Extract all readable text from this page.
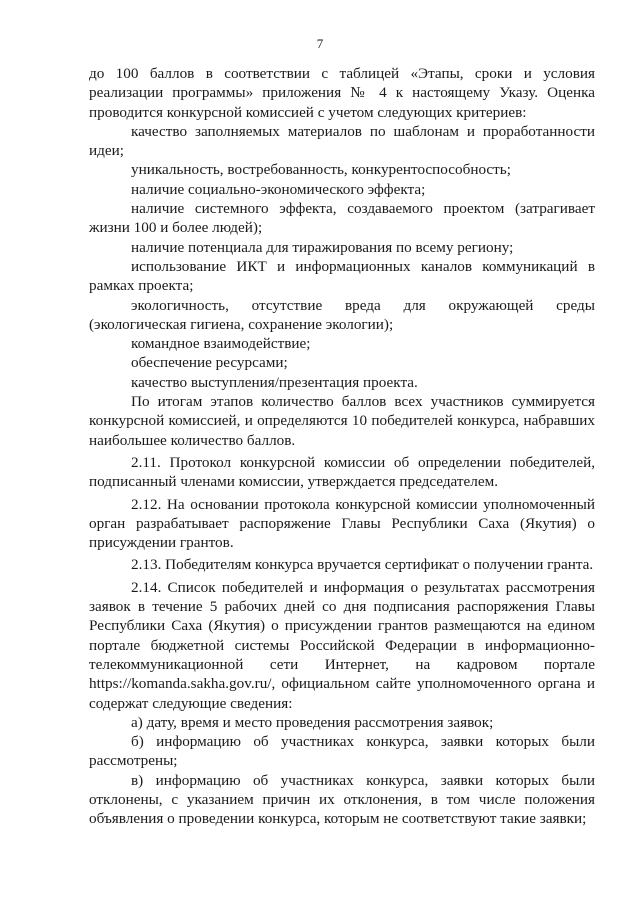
7

до 100 баллов в соответствии с таблицей «Этапы, сроки и условия реализации программы» приложения № 4 к настоящему Указу. Оценка проводится конкурсной комиссией с учетом следующих критериев:

качество заполняемых материалов по шаблонам и проработанности идеи;

уникальность, востребованность, конкурентоспособность;

наличие социально-экономического эффекта;

наличие системного эффекта, создаваемого проектом (затрагивает жизни 100 и более людей);

наличие потенциала для тиражирования по всему региону;

использование ИКТ и информационных каналов коммуникаций в рамках проекта;

экологичность, отсутствие вреда для окружающей среды (экологическая гигиена, сохранение экологии);

командное взаимодействие;

обеспечение ресурсами;

качество выступления/презентация проекта.

По итогам этапов количество баллов всех участников суммируется конкурсной комиссией, и определяются 10 победителей конкурса, набравших наибольшее количество баллов.

2.11. Протокол конкурсной комиссии об определении победителей, подписанный членами комиссии, утверждается председателем.

2.12. На основании протокола конкурсной комиссии уполномоченный орган разрабатывает распоряжение Главы Республики Саха (Якутия) о присуждении грантов.

2.13. Победителям конкурса вручается сертификат о получении гранта.

2.14. Список победителей и информация о результатах рассмотрения заявок в течение 5 рабочих дней со дня подписания распоряжения Главы Республики Саха (Якутия) о присуждении грантов размещаются на едином портале бюджетной системы Российской Федерации в информационно-телекоммуникационной сети Интернет, на кадровом портале https://komanda.sakha.gov.ru/, официальном сайте уполномоченного органа и содержат следующие сведения:

а) дату, время и место проведения рассмотрения заявок;

б) информацию об участниках конкурса, заявки которых были рассмотрены;

в) информацию об участниках конкурса, заявки которых были отклонены, с указанием причин их отклонения, в том числе положения объявления о проведении конкурса, которым не соответствуют такие заявки;
